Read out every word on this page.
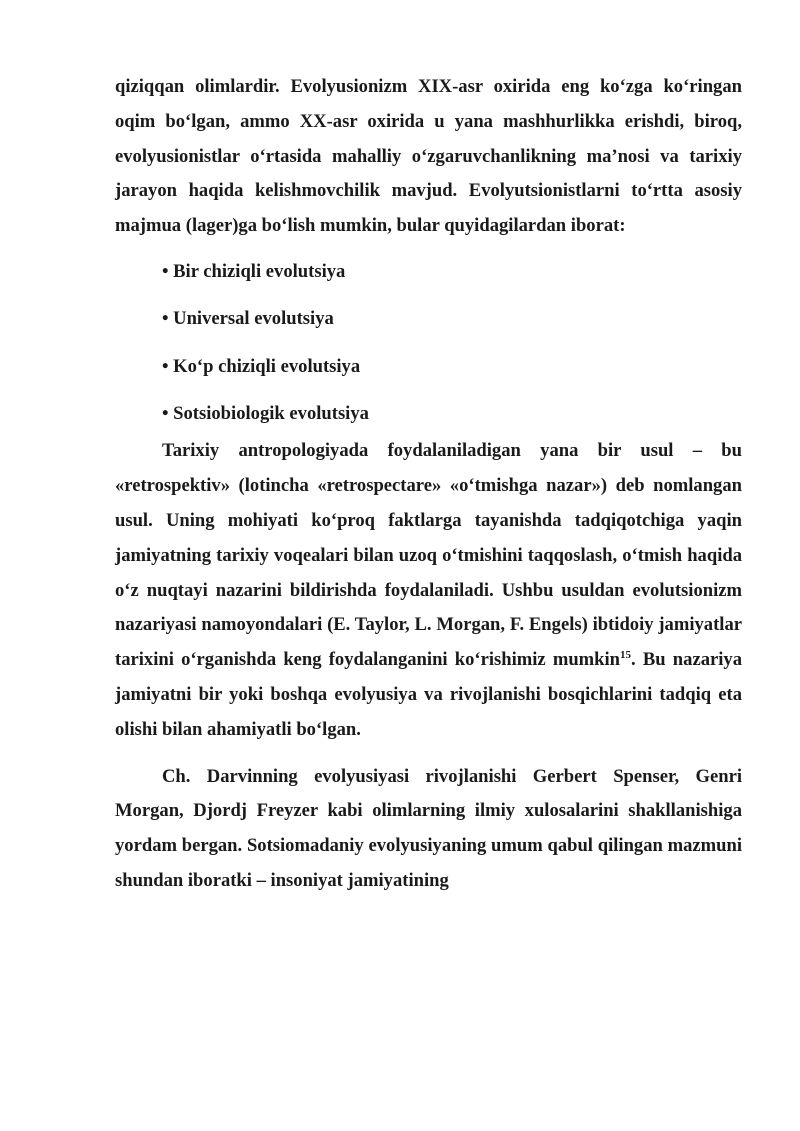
qiziqqan olimlardir. Evolyusionizm XIX-asr oxirida eng ko‘zga ko‘ringan oqim bo‘lgan, ammo XX-asr oxirida u yana mashhurlikka erishdi, biroq, evolyusionistlar o‘rtasida mahalliy o‘zgaruvchanlikning ma’nosi va tarixiy jarayon haqida kelishmovchilik mavjud. Evolyutsionistlarni to‘rtta asosiy majmua (lager)ga bo‘lish mumkin, bular quyidagilardan iborat:

• Bir chiziqli evolutsiya
• Universal evolutsiya
• Ko‘p chiziqli evolutsiya
• Sotsiobiologik evolutsiya

Tarixiy antropologiyada foydalaniladigan yana bir usul – bu «retrospektiv» (lotincha «retrospectare» «o‘tmishga nazar») deb nomlangan usul. Uning mohiyati ko‘proq faktlarga tayanishda tadqiqotchiga yaqin jamiyatning tarixiy voqealari bilan uzoq o‘tmishini taqqoslash, o‘tmish haqida o‘z nuqtayi nazarini bildirishda foydalaniladi. Ushbu usuldan evolutsionizm nazariyasi namoyondalari (E. Taylor, L. Morgan, F. Engels) ibtidoiy jamiyatlar tarixini o‘rganishda keng foydalanganini ko‘rishimiz mumkin$^{15}$. Bu nazariya jamiyatni bir yoki boshqa evolyusiya va rivojlanishi bosqichlarini tadqiq eta olishi bilan ahamiyatli bo‘lgan.

Ch. Darvinning evolyusiyasi rivojlanishi Gerbert Spenser, Genri Morgan, Djordj Freyzer kabi olimlarning ilmiy xulosalarini shakllanishiga yordam bergan. Sotsiomadaniy evolyusiyaning umum qabul qilingan mazmuni shundan iboratki – insoniyat jamiyatining
